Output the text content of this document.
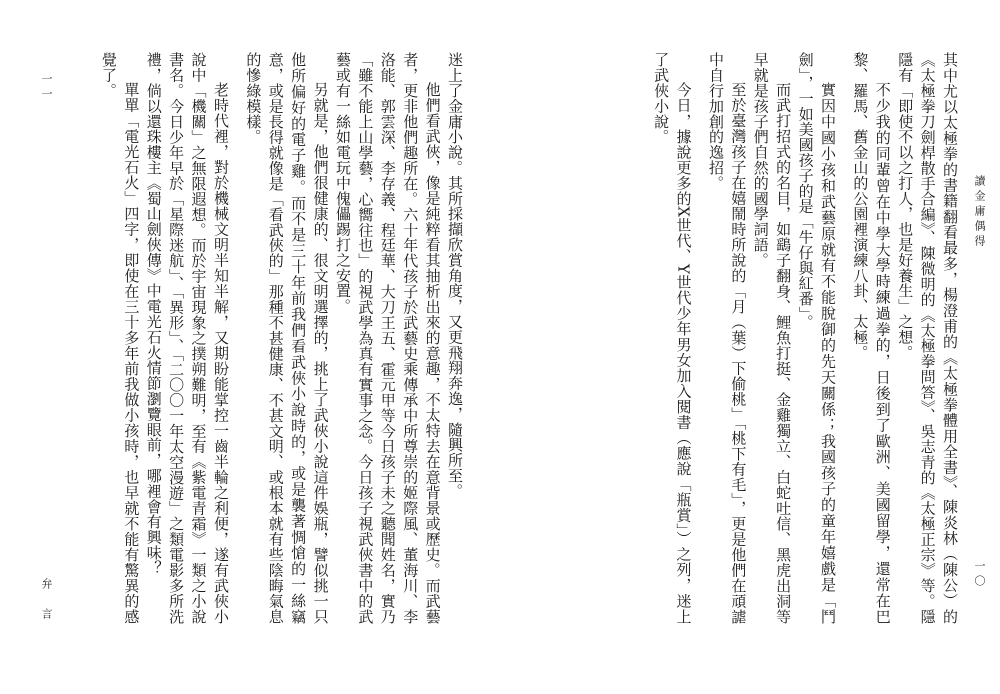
其中尤以太極拳的書籍翻看最多，楊澄甫的《太極拳體用全書》、陳炎林（陳公）的《太極拳刀劍桿散手合編》、陳微明的《太極拳問答》、吳志青的《太極正宗》等。隱隱有「即使不以之打人，也是好養生」之想。

不少我的同輩曾在中學大學時練過拳的，日後到了歐洲、美國留學，還常在巴黎、羅馬、舊金山的公園裡演練八卦、太極。

實因中國小孩和武藝原就有不能脫御的先天關係；我國孩子的童年嬉戲是「鬥劍」，一如美國孩子的是「牛仔與紅番」。

而武打招式的名目，如鷂子翻身、鯉魚打挺、金雞獨立、白蛇吐信、黑虎出洞等早就是孩子們自然的國學詞語。

至於臺灣孩子在嬉鬧時所說的「月（葉）下偷桃」「桃下有毛」，更是他們在頑謔中自行加創的逸招。

今日，據說更多的X世代、Y世代少年男女加入閱書（應說「瓶賞」）之列，迷上了武俠小說。

讀金庸偶得
一〇

迷上了金庸小說。其所採擷欣賞角度，又更飛翔奔逸，隨興所至。

他們看武俠，像是純粹看其抽析出來的意趣，不太特去在意背景或歷史。而武藝者，更非他們趣所在。六十年代孩子於武藝史乘傳承中所尊崇的姬際風、董海川、李洛能、郭雲深、李存義、程廷華、大刀王五、霍元甲等今日孩子未之聽聞姓名，實乃「雖不能上山學藝，心嚮往也」的視武學為真有實事之念。今日孩子視武俠書中的武藝或有一絲如電玩中傀儡踢打之安置。

另就是，他們很健康的、很文明選擇的，挑上了武俠小說這件娛瓶，譬似挑一只他所偏好的電子雞。而不是三十年前我們看武俠小說時的，或是襲著惆愴的一絲竊意，或是長得就像是「看武俠的」那種不甚健康、不甚文明、或根本就有些陰晦氣息的慘綠模樣。

老時代裡，對於機械文明半知半解，又期盼能掌控一齒半輪之利便，遂有武俠小說中「機關」之無限遐想。而於宇宙現象之撲朔難明，至有《紫電青霜》一類之小說書名。今日少年早於「星際迷航」、「異形」、「二〇〇一年太空漫遊」之類電影多所洗禮，倘以還珠樓主《蜀山劍俠傳》中電光石火情節瀏覽眼前，哪裡會有興味？

單單「電光石火」四字，即使在三十多年前我做小孩時，也早就不能有驚異的感覺了。

弁　言
一一
